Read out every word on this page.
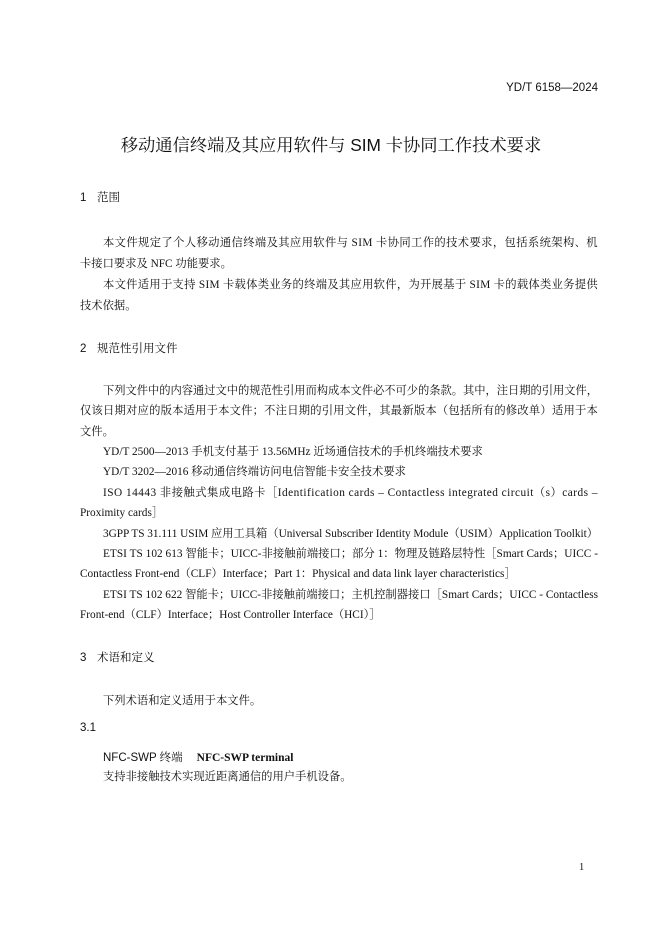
YD/T 6158—2024
移动通信终端及其应用软件与 SIM 卡协同工作技术要求
1 范围
本文件规定了个人移动通信终端及其应用软件与 SIM 卡协同工作的技术要求，包括系统架构、机
卡接口要求及 NFC 功能要求。
本文件适用于支持 SIM 卡载体类业务的终端及其应用软件，为开展基于 SIM 卡的载体类业务提供
技术依据。
2 规范性引用文件
下列文件中的内容通过文中的规范性引用而构成本文件必不可少的条款。其中，注日期的引用文件，
仅该日期对应的版本适用于本文件；不注日期的引用文件，其最新版本（包括所有的修改单）适用于本
文件。
YD/T 2500—2013 手机支付基于 13.56MHz 近场通信技术的手机终端技术要求
YD/T 3202—2016 移动通信终端访问电信智能卡安全技术要求
ISO 14443 非接触式集成电路卡［Identification cards – Contactless integrated circuit（s）cards –
Proximity cards］
3GPP TS 31.111 USIM 应用工具箱（Universal Subscriber Identity Module（USIM）Application Toolkit）
ETSI TS 102 613 智能卡；UICC-非接触前端接口；部分 1：物理及链路层特性［Smart Cards；UICC -
Contactless Front-end（CLF）Interface；Part 1：Physical and data link layer characteristics］
ETSI TS 102 622 智能卡；UICC-非接触前端接口；主机控制器接口［Smart Cards；UICC - Contactless
Front-end（CLF）Interface；Host Controller Interface（HCI）］
3 术语和定义
下列术语和定义适用于本文件。
3.1
NFC-SWP 终端 NFC-SWP terminal
支持非接触技术实现近距离通信的用户手机设备。
1
